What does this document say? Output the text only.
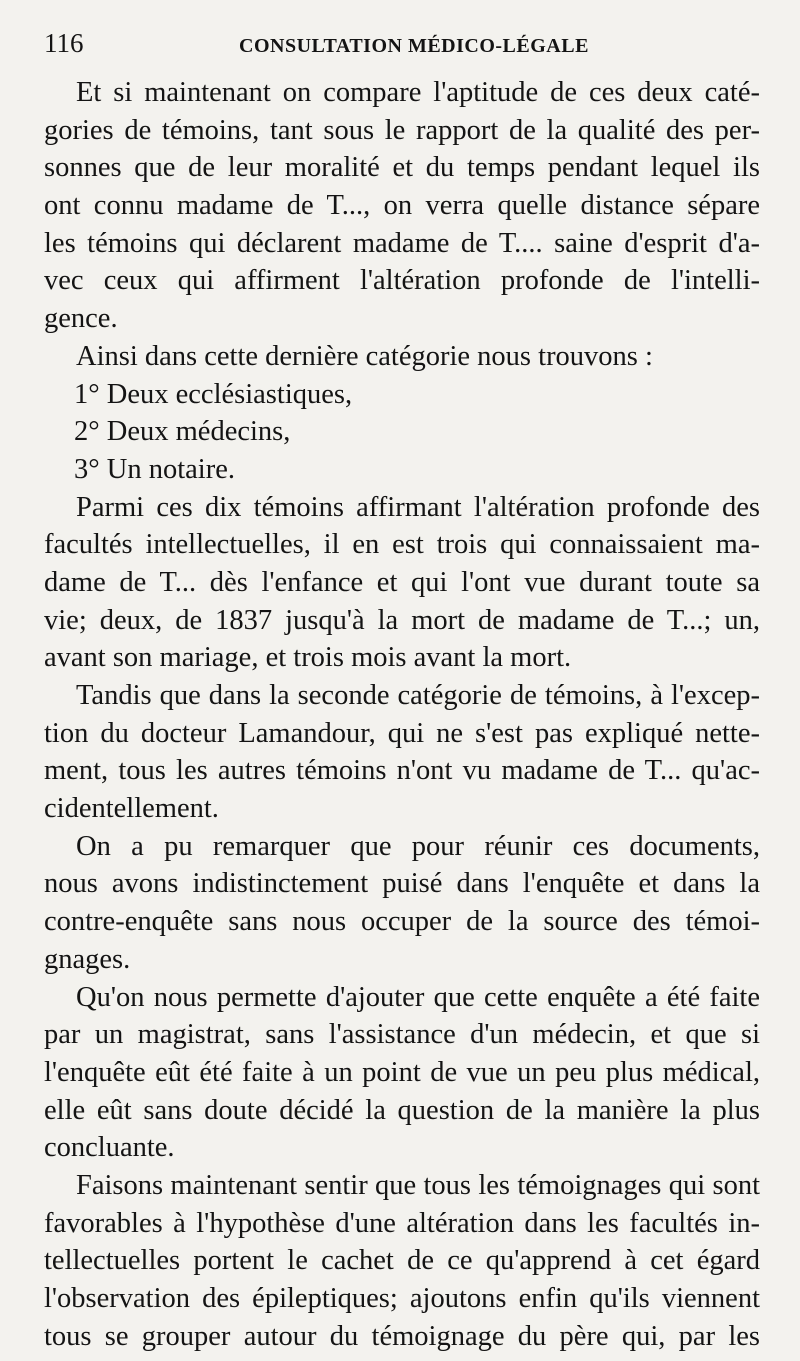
116	CONSULTATION MÉDICO-LÉGALE
Et si maintenant on compare l'aptitude de ces deux caté-
gories de témoins, tant sous le rapport de la qualité des per-
sonnes que de leur moralité et du temps pendant lequel ils
ont connu madame de T..., on verra quelle distance sépare
les témoins qui déclarent madame de T.... saine d'esprit d'a-
vec ceux qui affirment l'altération profonde de l'intelli-
gence.
Ainsi dans cette dernière catégorie nous trouvons :
1° Deux ecclésiastiques,
2° Deux médecins,
3° Un notaire.
Parmi ces dix témoins affirmant l'altération profonde des
facultés intellectuelles, il en est trois qui connaissaient ma-
dame de T... dès l'enfance et qui l'ont vue durant toute sa
vie; deux, de 1837 jusqu'à la mort de madame de T...; un,
avant son mariage, et trois mois avant la mort.
Tandis que dans la seconde catégorie de témoins, à l'excep-
tion du docteur Lamandour, qui ne s'est pas expliqué nette-
ment, tous les autres témoins n'ont vu madame de T... qu'ac-
cidentellement.
On a pu remarquer que pour réunir ces documents,
nous avons indistinctement puisé dans l'enquête et dans la
contre-enquête sans nous occuper de la source des témoi-
gnages.
Qu'on nous permette d'ajouter que cette enquête a été faite
par un magistrat, sans l'assistance d'un médecin, et que si
l'enquête eût été faite à un point de vue un peu plus médical,
elle eût sans doute décidé la question de la manière la plus
concluante.
Faisons maintenant sentir que tous les témoignages qui sont
favorables à l'hypothèse d'une altération dans les facultés in-
tellectuelles portent le cachet de ce qu'apprend à cet égard
l'observation des épileptiques; ajoutons enfin qu'ils viennent
tous se grouper autour du témoignage du père qui, par les
